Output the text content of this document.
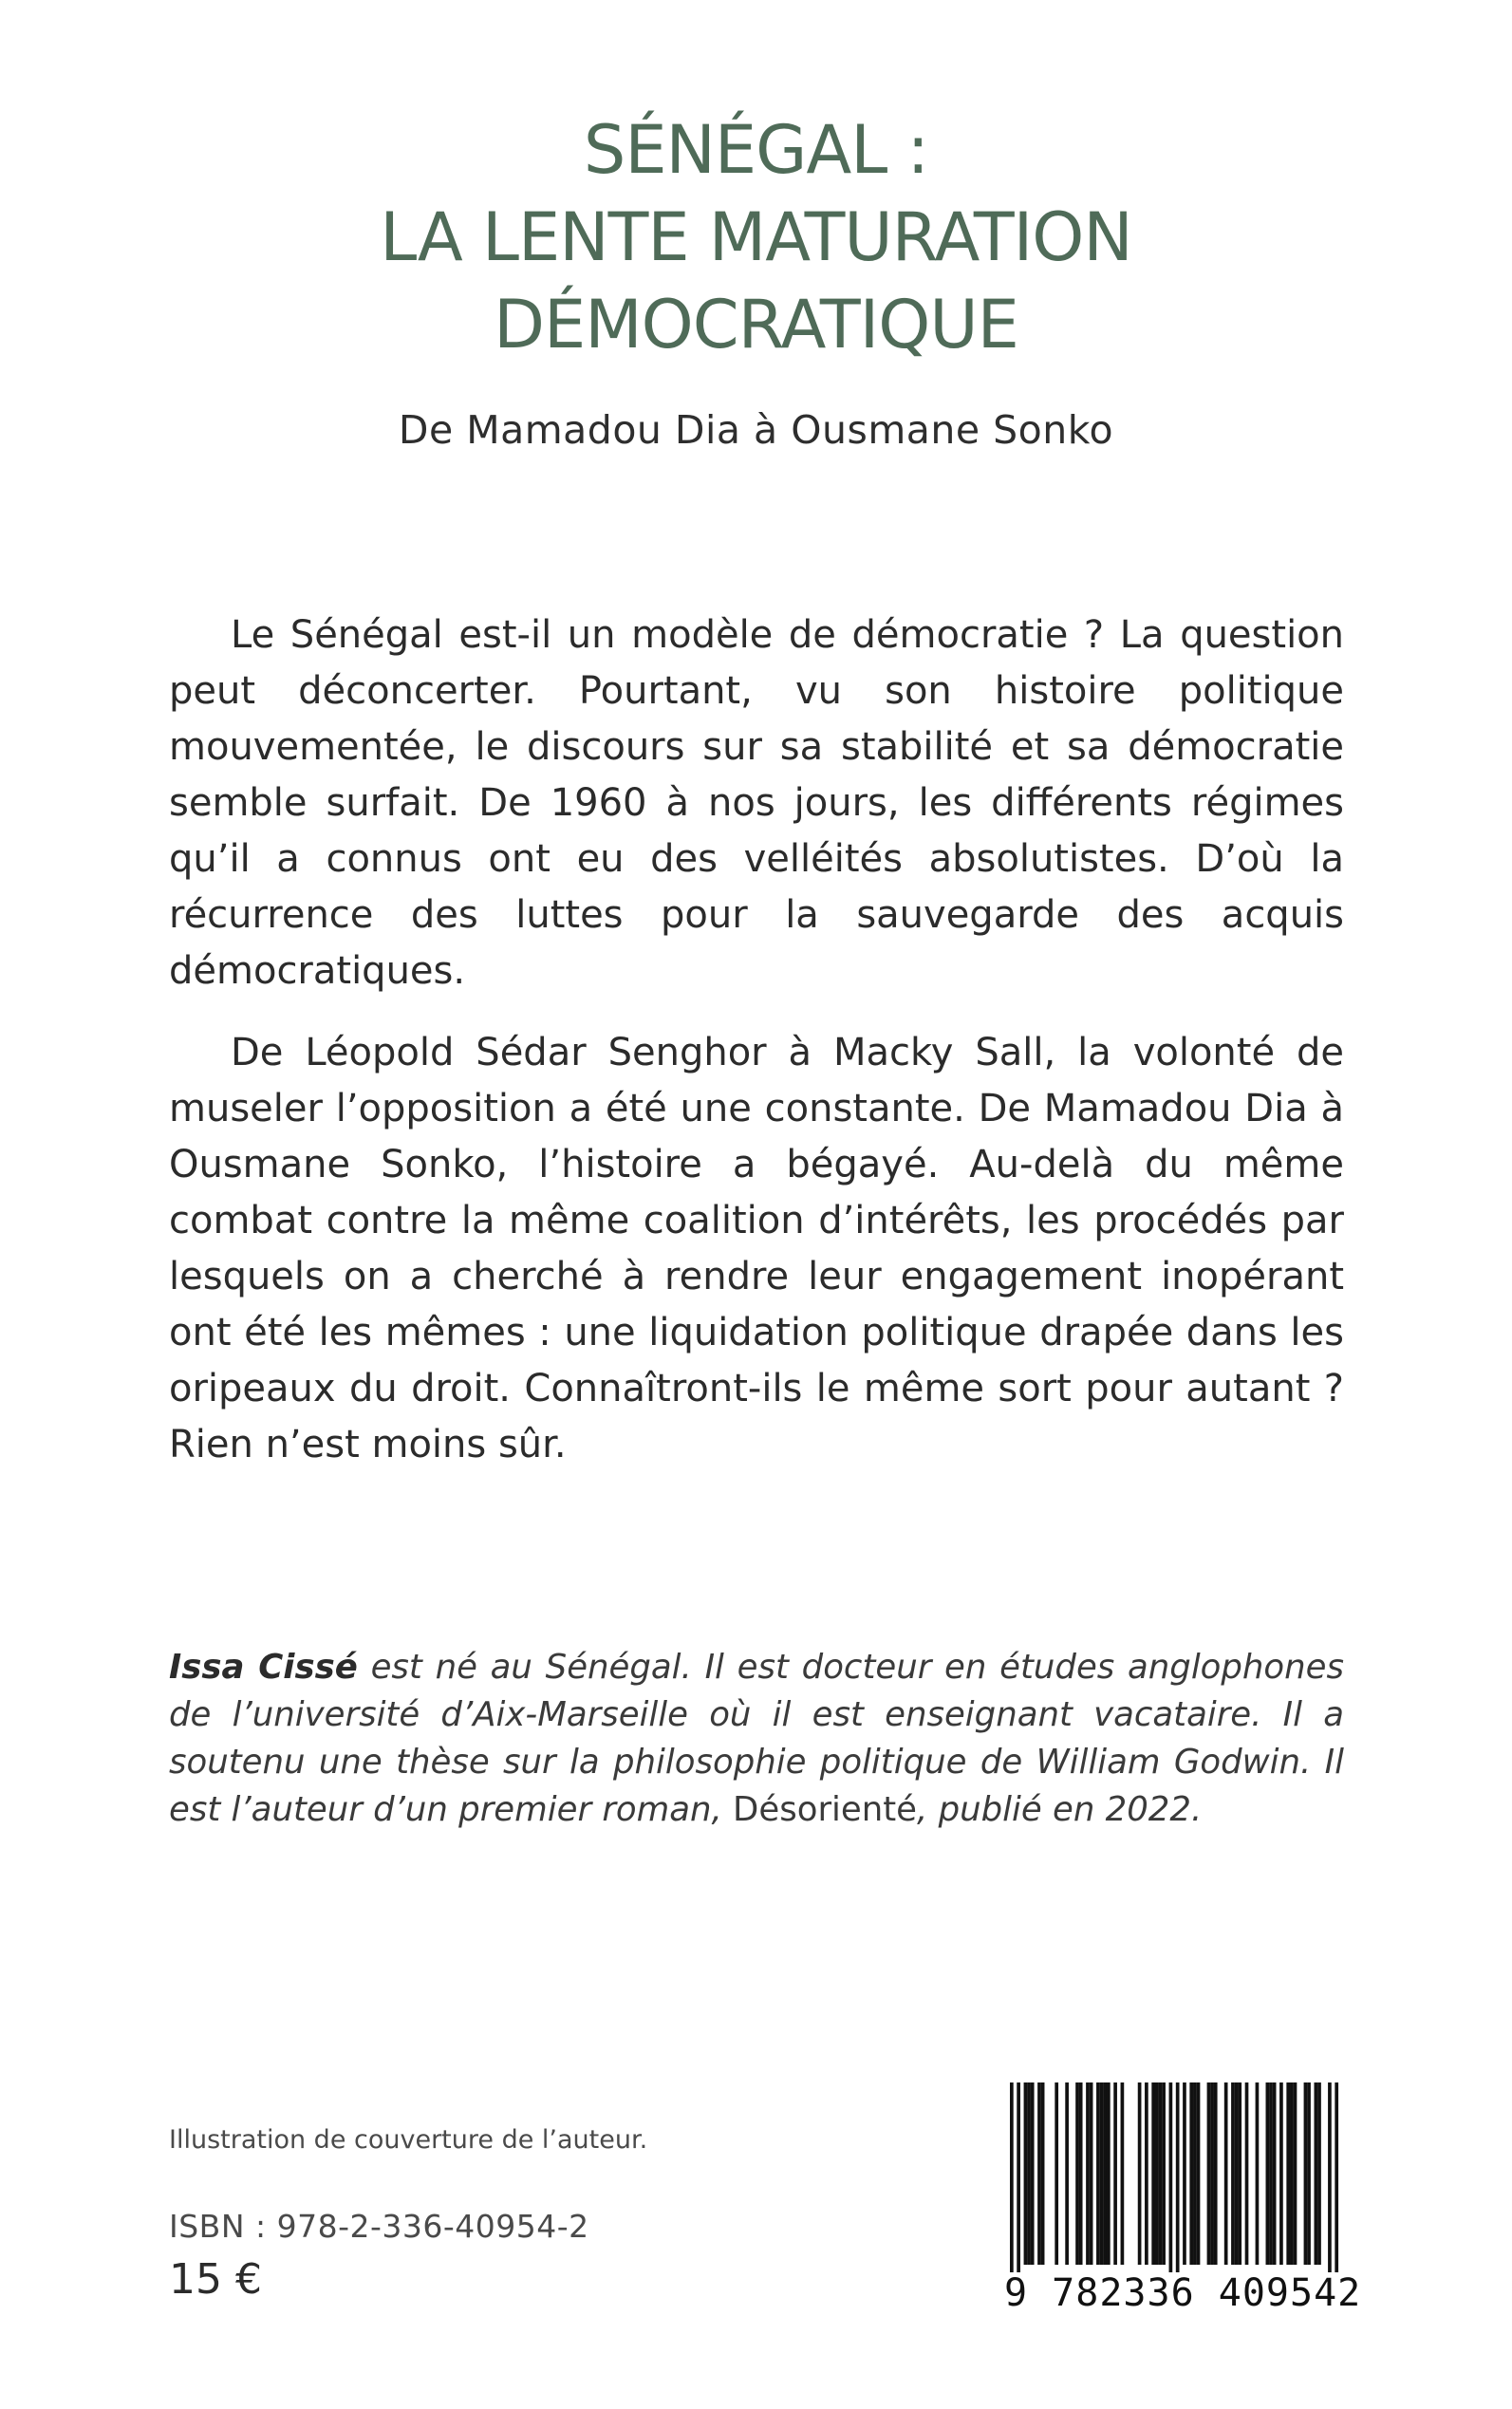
SÉNÉGAL :
LA LENTE MATURATION
DÉMOCRATIQUE
De Mamadou Dia à Ousmane Sonko

Le Sénégal est-il un modèle de démocratie ? La question peut déconcerter. Pourtant, vu son histoire politique mouvementée, le discours sur sa stabilité et sa démocratie semble surfait. De 1960 à nos jours, les différents régimes qu’il a connus ont eu des velléités absolutistes. D’où la récurrence des luttes pour la sauvegarde des acquis démocratiques.

De Léopold Sédar Senghor à Macky Sall, la volonté de museler l’opposition a été une constante. De Mamadou Dia à Ousmane Sonko, l’histoire a bégayé. Au-delà du même combat contre la même coalition d’intérêts, les procédés par lesquels on a cherché à rendre leur engagement inopérant ont été les mêmes : une liquidation politique drapée dans les oripeaux du droit. Connaîtront-ils le même sort pour autant ? Rien n’est moins sûr.

Issa Cissé est né au Sénégal. Il est docteur en études anglophones de l’université d’Aix-Marseille où il est enseignant vacataire. Il a soutenu une thèse sur la philosophie politique de William Godwin. Il est l’auteur d’un premier roman, Désorienté, publié en 2022.
Illustration de couverture de l’auteur.
ISBN : 978-2-336-40954-2
15 €	9 782336 409542
